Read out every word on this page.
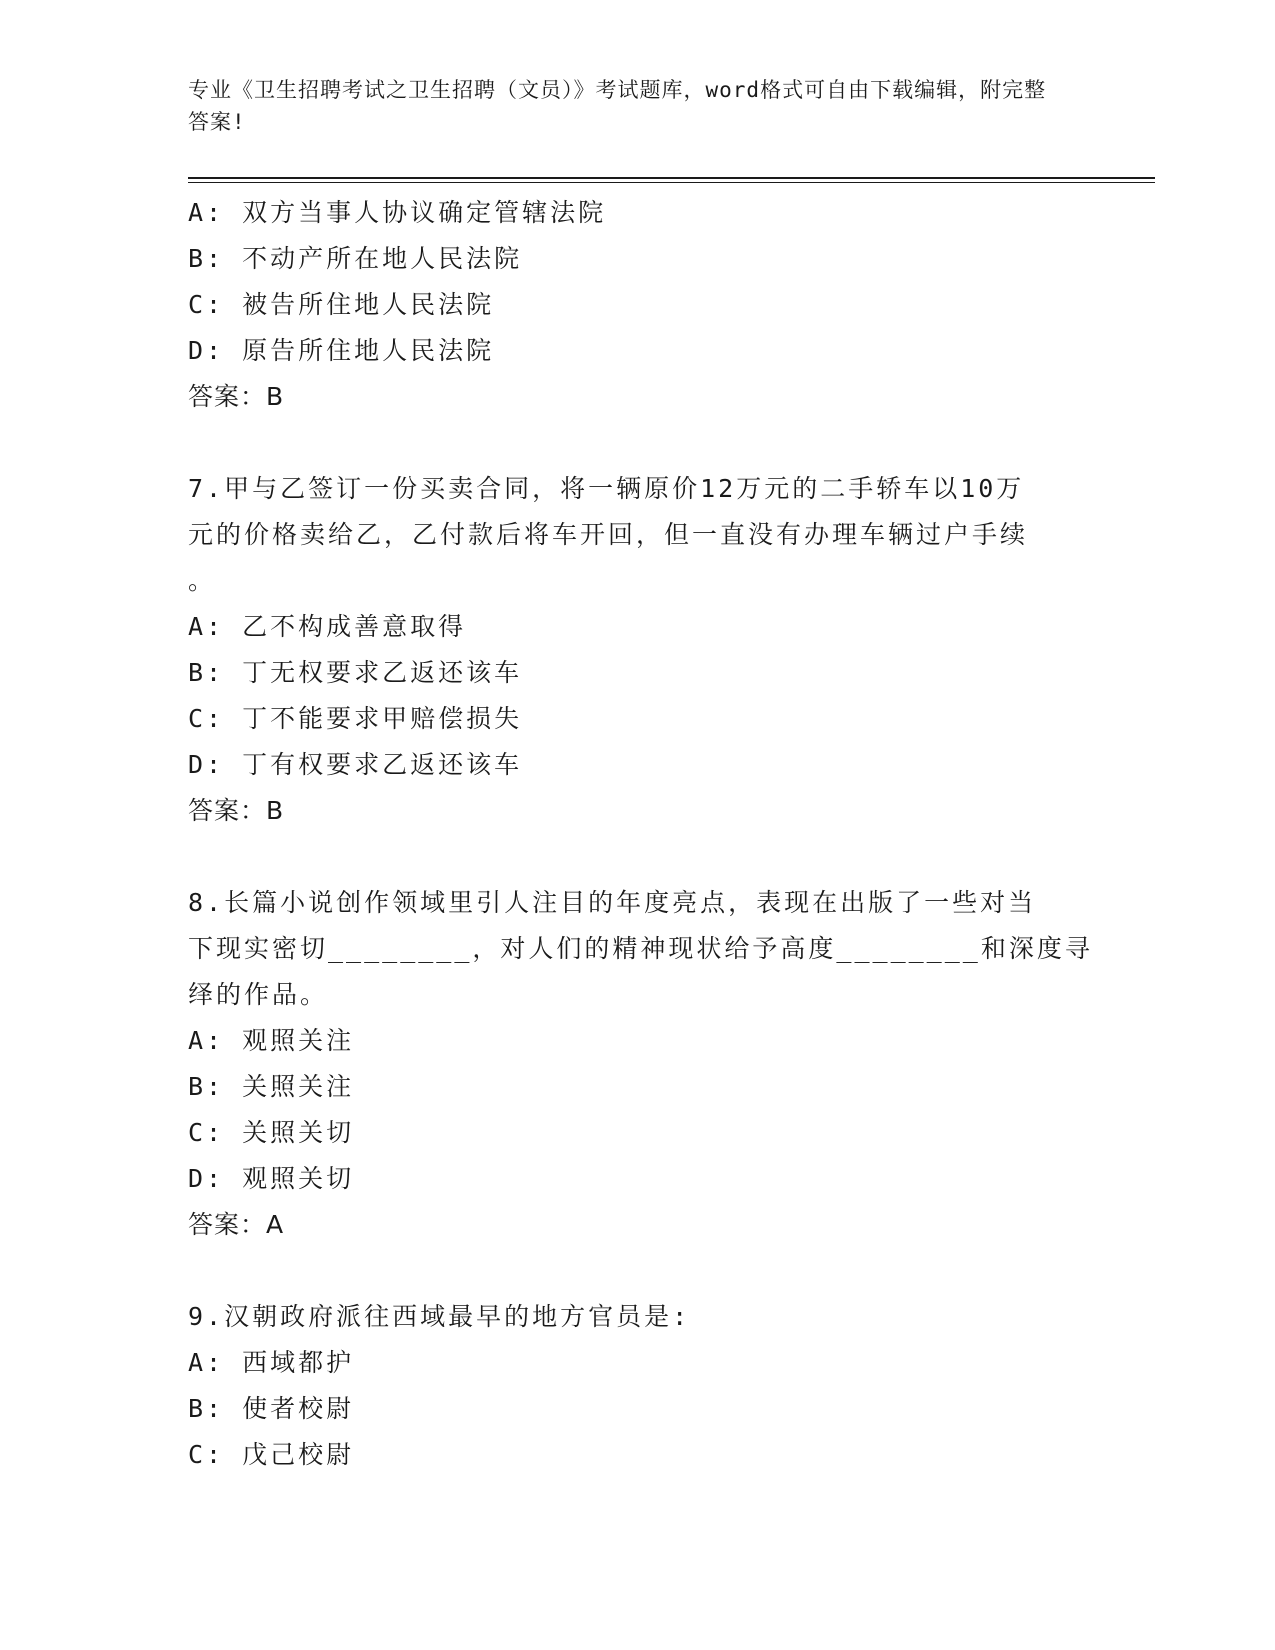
专业《卫生招聘考试之卫生招聘（文员）》考试题库，word格式可自由下载编辑，附完整答案!
A: 双方当事人协议确定管辖法院
B: 不动产所在地人民法院
C: 被告所住地人民法院
D: 原告所住地人民法院
答案：B
7.甲与乙签订一份买卖合同，将一辆原价12万元的二手轿车以10万
元的价格卖给乙，乙付款后将车开回，但一直没有办理车辆过户手续
。
A: 乙不构成善意取得
B: 丁无权要求乙返还该车
C: 丁不能要求甲赔偿损失
D: 丁有权要求乙返还该车
答案：B
8.长篇小说创作领域里引人注目的年度亮点，表现在出版了一些对当
下现实密切________，对人们的精神现状给予高度________和深度寻
绎的作品。
A: 观照关注
B: 关照关注
C: 关照关切
D: 观照关切
答案：A
9.汉朝政府派往西域最早的地方官员是:
A: 西域都护
B: 使者校尉
C: 戊己校尉
